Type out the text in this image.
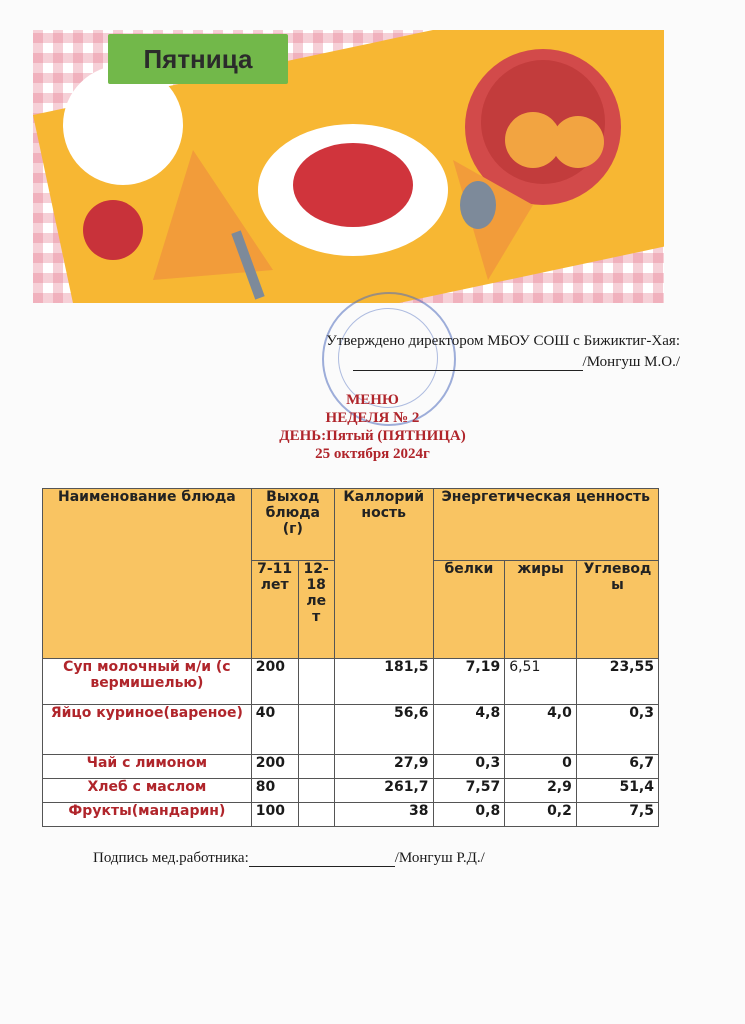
Пятница
Утверждено директором МБОУ СОШ с Бижиктиг-Хая:
/Монгуш М.О./
МЕНЮ
НЕДЕЛЯ № 2
ДЕНЬ:Пятый (ПЯТНИЦА)
25 октября 2024г
Наименование блюда	Выход блюда (г)		Каллорийность	Энергетическая ценность		
	7-11 лет	12-18 лет		белки	жиры	Углеводы
Суп молочный м/и (с вермишелью)	200		181,5	7,19	6,51	23,55
Яйцо куриное(вареное)	40		56,6	4,8	4,0	0,3
Чай с лимоном	200		27,9	0,3	0	6,7
Хлеб с маслом	80		261,7	7,57	2,9	51,4
Фрукты(мандарин)	100		38	0,8	0,2	7,5
Подпись мед.работника:	/Монгуш Р.Д./
